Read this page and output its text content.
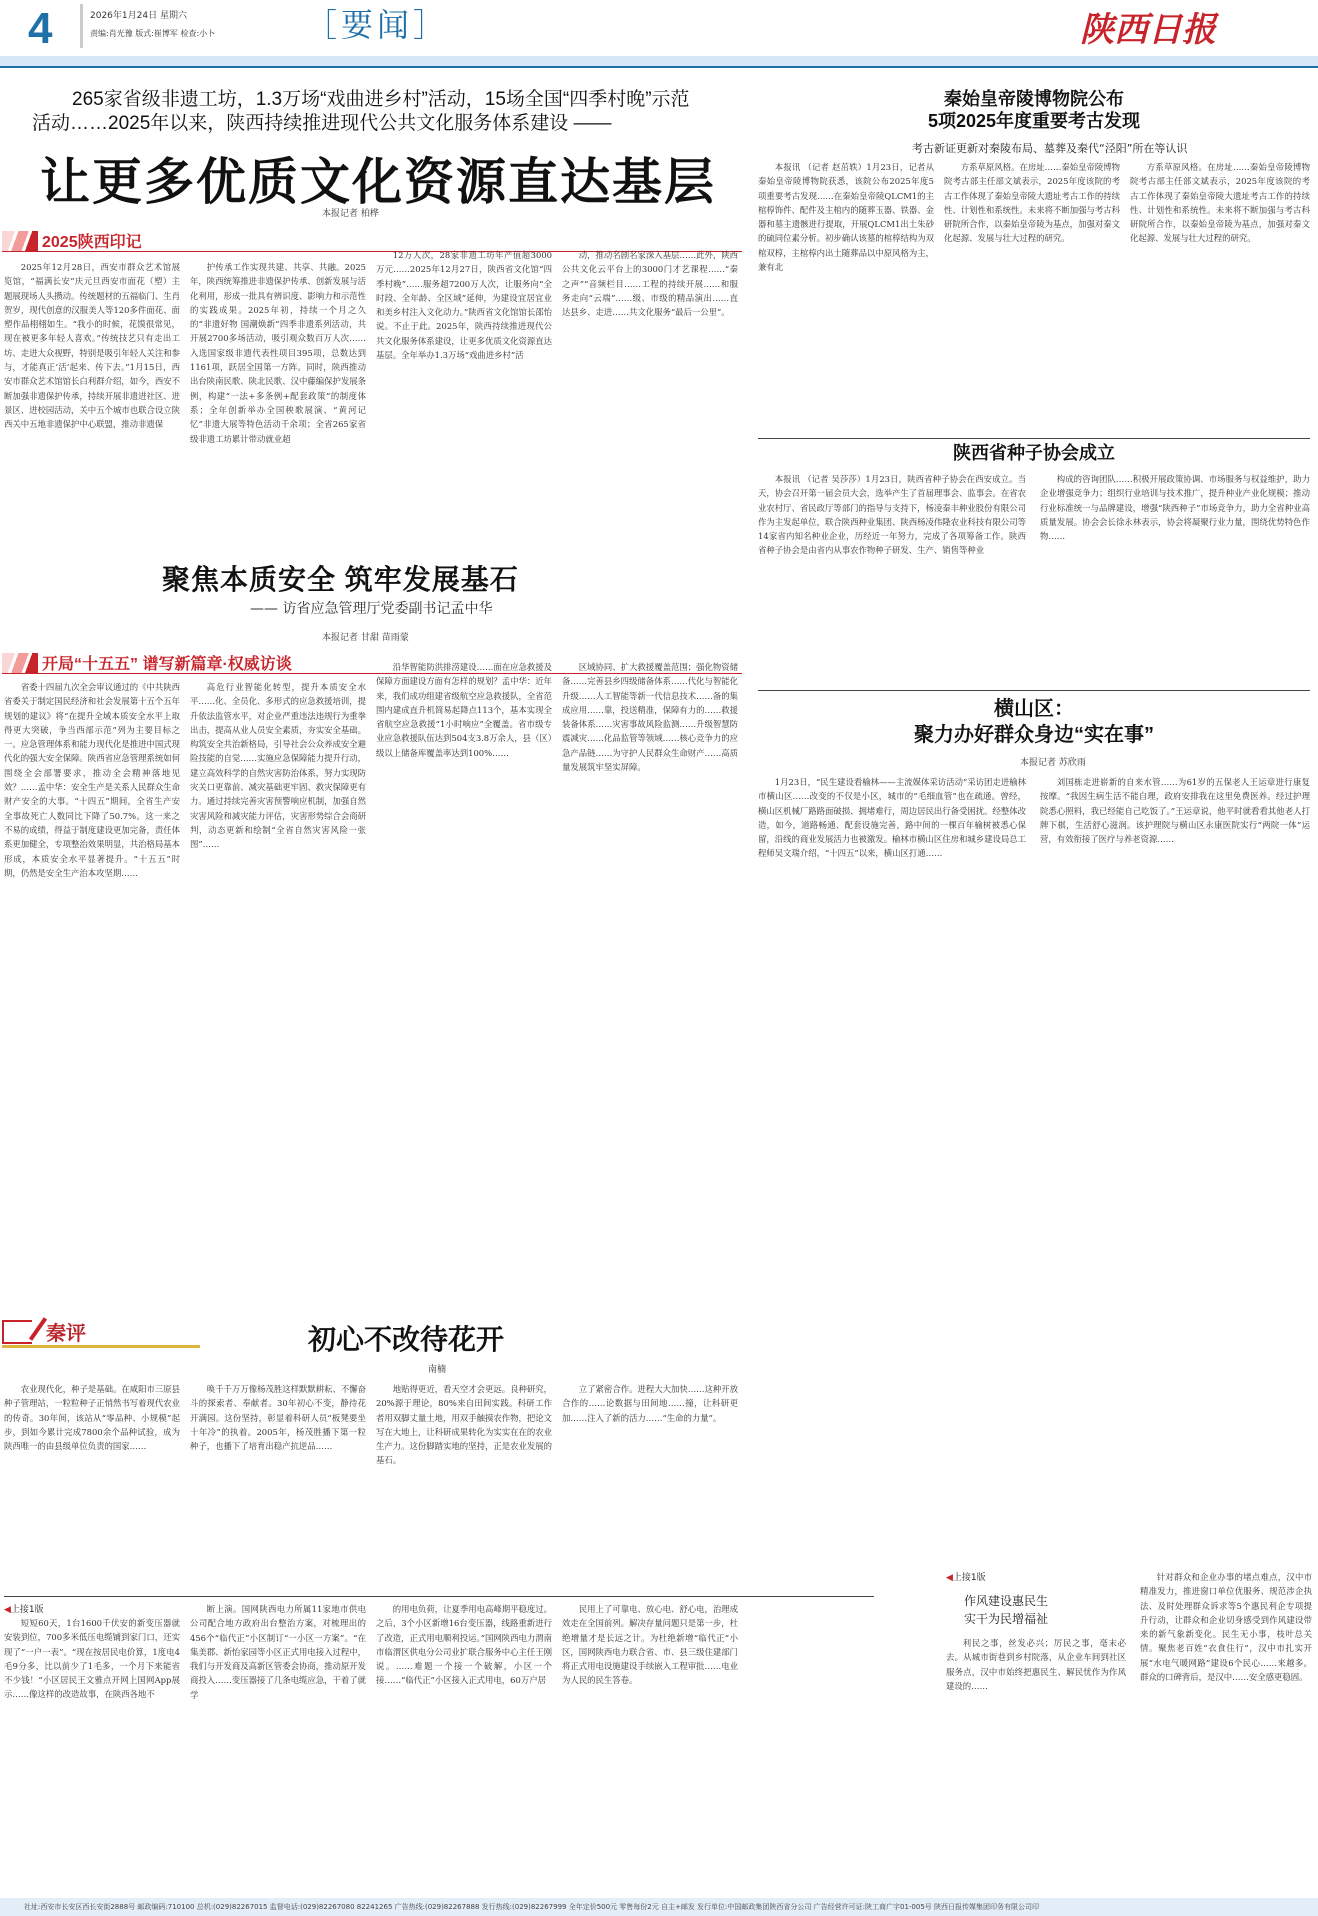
4	2026年1月24日 星期六
责编:肖光豫 版式:崔博军 检查:小卜	［要闻］	陕西日报
265家省级非遗工坊，1.3万场“戏曲进乡村”活动，15场全国“四季村晚”示范
活动……2025年以来，陕西持续推进现代公共文化服务体系建设 ——
让更多优质文化资源直达基层
本报记者 柏桦
2025陕西印记
2025年12月28日，西安市群众艺术馆展览馆，“福满长安”庆元旦西安市面花（塑）主题展现场人头攒动。传统题材的五福临门、生肖贺岁，现代创意的汉服美人等120多件面花、面塑作品栩栩如生。“我小的时候，花馍很常见，现在被更多年轻人喜欢。”传统技艺只有走出工坊、走进大众视野，特别是吸引年轻人关注和参与，才能真正‘活’起来、传下去。”1月15日，西安市群众艺术馆馆长白利群介绍，如今，西安不断加强非遗保护传承，持续开展非遗进社区、进景区、进校园活动，关中五个城市也联合设立陕西关中五地非遗保护中心联盟，推动非遗保
护传承工作实现共建、共享、共融。2025年，陕西统筹推进非遗保护传承、创新发展与活化利用，形成一批具有辨识度、影响力和示范性的实践成果。2025年初，持续一个月之久的“非遗好物 国潮焕新”四季非遗系列活动，共开展2700多场活动，吸引观众数百万人次……入选国家级非遗代表性项目395项，总数达到1161项，跃居全国第一方阵。同时，陕西推动出台陕南民歌、陕北民歌、汉中藤编保护发展条例，构建“一法+多条例+配套政策”的制度体系；全年创新举办全国秧歌展演、“黄河记忆”非遗大展等特色活动千余项；全省265家省级非遗工坊累计带动就业超
12万人次，28家非遗工坊年产值超3000万元……2025年12月27日，陕西省文化馆“四季村晚”……服务超7200万人次，让服务向“全时段、全年龄、全区域”延伸，为建设宜居宜业和美乡村注入文化动力。”陕西省文化馆馆长邵怡说。不止于此。2025年，陕西持续推进现代公共文化服务体系建设，让更多优质文化资源直达基层。全年举办1.3万场“戏曲进乡村”活
动，推动名剧名家深入基层……此外，陕西公共文化云平台上的3000门才艺课程……“秦之声”“音频栏目……工程的持续开展……和服务走向“云端”……级、市级的精品演出……直达县乡、走进……共文化服务“最后一公里”。
秦始皇帝陵博物院公布
5项2025年度重要考古发现
考古新证更新对秦陵布局、墓葬及秦代“泾阳”所在等认识
本报讯 （记者 赵茁轶）1月23日，记者从秦始皇帝陵博物院获悉，该院公布2025年度5项重要考古发现……在秦始皇帝陵QLCM1的主棺椁饰件、配件及主棺内的随葬玉器、铁器、金器和墓主遗骸进行提取，开展QLCM1出土朱砂的硫同位素分析。初步确认该墓的棺椁结构为双棺双椁，主棺椁内出土随葬品以中原风格为主，兼有北
方系草原风格。在房址……秦始皇帝陵博物院考古部主任部文斌表示，2025年度该院的考古工作体现了秦始皇帝陵大遗址考古工作的持续性、计划性和系统性。未来将不断加强与考古科研院所合作，以秦始皇帝陵为基点，加强对秦文化起源、发展与壮大过程的研究。
方系草原风格。在房址……秦始皇帝陵博物院考古部主任部文斌表示，2025年度该院的考古工作体现了秦始皇帝陵大遗址考古工作的持续性、计划性和系统性。未来将不断加强与考古科研院所合作，以秦始皇帝陵为基点，加强对秦文化起源、发展与壮大过程的研究。
陕西省种子协会成立
本报讯 （记者 吴莎莎）1月23日，陕西省种子协会在西安成立。当天，协会召开第一届会员大会，选举产生了首届理事会、监事会。在省农业农村厅、省民政厅等部门的指导与支持下，杨凌秦丰种业股份有限公司作为主发起单位，联合陕西种业集团、陕西杨凌伟隆农业科技有限公司等14家省内知名种业企业，历经近一年努力，完成了各项筹备工作。陕西省种子协会是由省内从事农作物种子研发、生产、销售等种业
构成的咨询团队……积极开展政策协调、市场服务与权益维护，助力企业增强竞争力；组织行业培训与技术推广，提升种业产业化规模；推动行业标准统一与品牌建设，增强“陕西种子”市场竞争力，助力全省种业高质量发展。协会会长徐永林表示，协会将凝聚行业力量，围绕优势特色作物……
聚焦本质安全 筑牢发展基石
—— 访省应急管理厅党委副书记孟中华
本报记者 甘甜 苗雨蒙
开局“十五五” 谱写新篇章·权威访谈
省委十四届九次全会审议通过的《中共陕西省委关于制定国民经济和社会发展第十五个五年规划的建议》将“在提升全域本质安全水平上取得更大突破，争当西部示范”列为主要目标之一。应急管理体系和能力现代化是推进中国式现代化的强大安全保障。陕西省应急管理系统如何围绕全会部署要求，推动全会精神落地见效？……孟中华：安全生产是关系人民群众生命财产安全的大事。“十四五”期间，全省生产安全事故死亡人数同比下降了50.7%。这一来之不易的成绩，得益于制度建设更加完备，责任体系更加健全，专项整治效果明显，共治格局基本形成，本质安全水平显著提升。“十五五”时期，仍然是安全生产治本攻坚期……
高危行业智能化转型，提升本质安全水平……化、全员化、多形式的应急救援培训，提升依法监管水平，对企业严重违法违规行为重拳出击，提高从业人员安全素质，夯实安全基础。构筑安全共治新格局，引导社会公众养成安全避险技能的自觉……实施应急保障能力提升行动，建立高效科学的自然灾害防治体系，努力实现防灾关口更靠前、减灾基础更牢固、救灾保障更有力。通过持续完善灾害预警响应机制，加强自然灾害风险和减灾能力评估，灾害形势综合会商研判，动态更新和绘制“全省自然灾害风险一张图”……
沿华智能防洪排涝建设……面在应急救援及保障方面建设方面有怎样的规划？孟中华：近年来，我们成功组建省级航空应急救援队，全省范围内建成直升机简易起降点113个，基本实现全省航空应急救援“1小时响应”全覆盖。省市级专业应急救援队伍达到504支3.8万余人，县（区）级以上储备库覆盖率达到100%……
区域协同、扩大救援覆盖范围；强化物资储备……完善县乡四级储备体系……代化与智能化升级……人工智能等新一代信息技术……备的集成应用……靠，投送精准，保障有力的……救援装备体系……灾害事故风险监测……升级智慧防震减灾……化品监管等领域……核心竞争力的应急产品链……为守护人民群众生命财产……高质量发展筑牢坚实屏障。
横山区：
聚力办好群众身边“实在事”
本报记者 苏欣雨
1月23日，“民生建设看榆林——主流媒体采访活动”采访团走进榆林市横山区……改变的不仅是小区，城市的“毛细血管”也在疏通。曾经，横山区机械厂路路面破损、拥堵难行，周边居民出行备受困扰。经整体改造，如今，道路畅通、配套设施完善，路中间的一棵百年榆树被悉心保留，沿线的商业发展活力也被激发。榆林市横山区住房和城乡建设局总工程师吴文瑞介绍，“十四五”以来，横山区打通……
刘国栋走进崭新的自来水管……为61岁的五保老人王运章进行康复按摩。“我因生病生活不能自理，政府安排我在这里免费医养。经过护理院悉心照料，我已经能自己吃饭了。”王运章说，他平时就看看其他老人打牌下棋，生活舒心滋润。该护理院与横山区永康医院实行“两院一体”运营，有效衔接了医疗与养老资源……
秦评	初心不改待花开
南楠
农业现代化，种子是基础。在咸阳市三原县种子管理站，一粒粒种子正悄然书写着现代农业的传奇。30年间，该站从“零品种、小规模”起步，到如今累计完成7800余个品种试验，成为陕西唯一的由县级单位负责的国家……
唤千千万万像杨茂胜这样默默耕耘、不懈奋斗的探索者、奉献者。30年初心不变，静待花开满园。这份坚持，彰显着科研人员“板凳要坐十年冷”的执着。2005年，杨茂胜播下第一粒种子，也播下了培育出稳产抗逆品……
地贴得更近，看天空才会更远。良种研究，20%源于理论，80%来自田间实践。科研工作者用双脚丈量土地，用双手触摸农作物，把论文写在大地上，让科研成果转化为实实在在的农业生产力。这份脚踏实地的坚持，正是农业发展的基石。
立了紧密合作。进程大大加快……这种开放合作的……论数据与田间地……撞，让科研更加……注入了新的活力……“生命的力量”。
◀上接1版
短短60天，1台1600千伏安的新变压器就安装到位，700多米低压电缆铺到家门口，还实现了“一户一表”。“现在按居民电价算，1度电4毛9分多，比以前少了1毛多，一个月下来能省不少钱！”小区居民王文雅点开网上国网App展示……像这样的改造故事，在陕西各地不
断上演。国网陕西电力所属11家地市供电公司配合地方政府出台整治方案，对梳理出的456个“临代正”小区制订“一小区一方案”。“在集美郡、新怡家园等小区正式用电接入过程中，我们与开发商及高新区管委会协商，推动原开发商投入……变压器接了几条电缆应急，干着了就学
的用电负荷，让夏季用电高峰期平稳度过。之后，3个小区新增16台变压器，线路重新进行了改造，正式用电顺利投运。”国网陕西电力渭南市临渭区供电分公司业扩联合服务中心主任王刚说。……难题一个接一个破解，小区一个接……“临代正”小区接入正式用电，60万户居
民用上了可靠电、放心电、舒心电，治理成效走在全国前列。解决存量问题只是第一步，杜绝增量才是长远之计。为杜绝新增“临代正”小区，国网陕西电力联合省、市、县三级住建部门将正式用电设施建设手续嵌入工程审批……电业为人民的民生答卷。
◀上接1版
作风建设惠民生
实干为民增福祉
利民之事，丝发必兴；厉民之事，毫末必去。从城市街巷到乡村院落，从企业车间到社区服务点，汉中市始终把惠民生、解民忧作为作风建设的……
针对群众和企业办事的堵点难点，汉中市精准发力，推进窗口单位优服务、规范涉企执法、及时处理群众诉求等5个惠民利企专项提升行动，让群众和企业切身感受到作风建设带来的新气象新变化。民生无小事，枝叶总关情。聚焦老百姓“衣食住行”，汉中市扎实开展“水电气暖网路”建设6个民心……来越多。群众的口碑背后，是汉中……安全感更稳固。
社址:西安市长安区西长安街2888号 邮政编码:710100 总机:(029)82267015 监督电话:(029)82267080 82241265 广告热线:(029)82267888 发行热线:(029)82267999 全年定价500元 零售每份2元 自主+邮发 发行单位:中国邮政集团陕西省分公司 广告经营许可证:陕工商广字01-005号 陕西日报传媒集团印务有限公司印
